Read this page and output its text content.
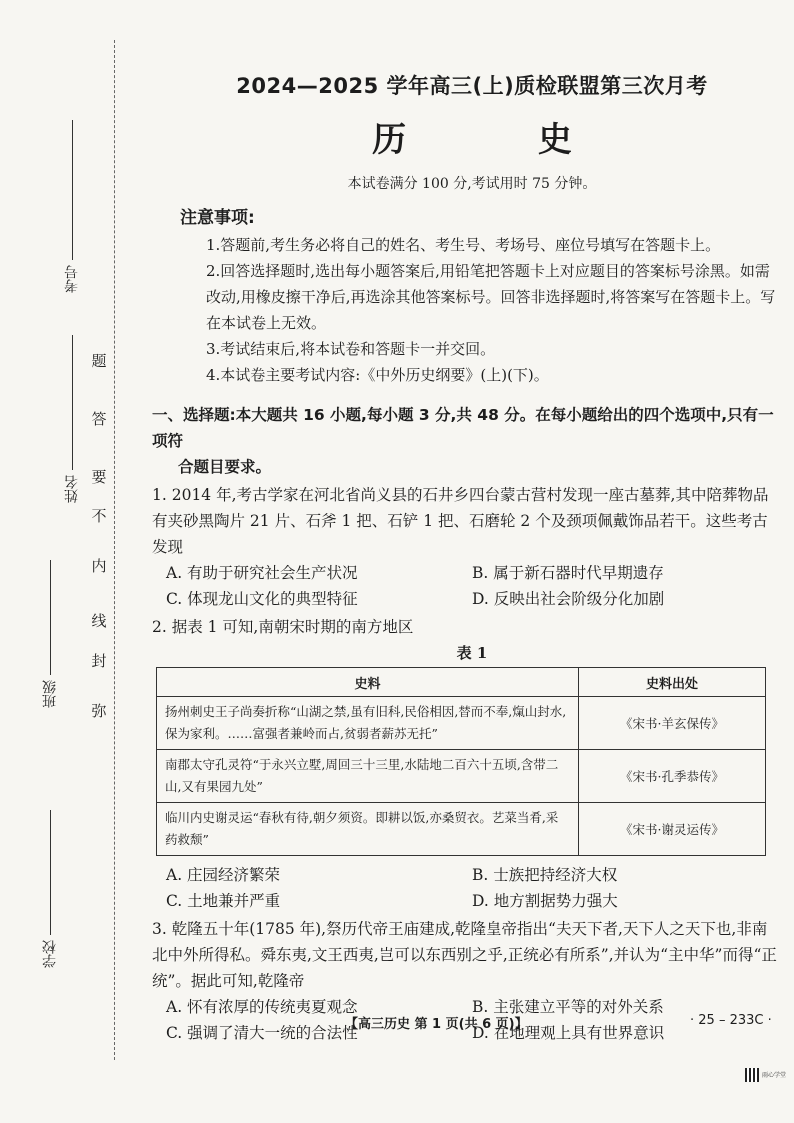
考号
姓名
班级
学校
题
答
要
不
内
线
封
弥
2024—2025 学年高三(上)质检联盟第三次月考
历 史
本试卷满分 100 分,考试用时 75 分钟。
注意事项:
1.答题前,考生务必将自己的姓名、考生号、考场号、座位号填写在答题卡上。
2.回答选择题时,选出每小题答案后,用铅笔把答题卡上对应题目的答案标号涂黑。如需改动,用橡皮擦干净后,再选涂其他答案标号。回答非选择题时,将答案写在答题卡上。写在本试卷上无效。
3.考试结束后,将本试卷和答题卡一并交回。
4.本试卷主要考试内容:《中外历史纲要》(上)(下)。
一、选择题:本大题共 16 小题,每小题 3 分,共 48 分。在每小题给出的四个选项中,只有一项符
合题目要求。
1. 2014 年,考古学家在河北省尚义县的石井乡四台蒙古营村发现一座古墓葬,其中陪葬物品有夹砂黑陶片 21 片、石斧 1 把、石铲 1 把、石磨轮 2 个及颈项佩戴饰品若干。这些考古发现
A. 有助于研究社会生产状况	B. 属于新石器时代早期遗存
C. 体现龙山文化的典型特征	D. 反映出社会阶级分化加剧
2. 据表 1 可知,南朝宋时期的南方地区
表 1
史料	史料出处
扬州刺史王子尚奏折称“山湖之禁,虽有旧科,民俗相因,替而不奉,熂山封水,保为家利。……富强者兼岭而占,贫弱者薪苏无托”	《宋书·羊玄保传》
南郡太守孔灵符“于永兴立墅,周回三十三里,水陆地二百六十五顷,含带二山,又有果园九处”	《宋书·孔季恭传》
临川内史谢灵运“春秋有待,朝夕须资。即耕以饭,亦桑贸衣。艺菜当肴,采药救颓”	《宋书·谢灵运传》
A. 庄园经济繁荣	B. 士族把持经济大权
C. 土地兼并严重	D. 地方割据势力强大
3. 乾隆五十年(1785 年),祭历代帝王庙建成,乾隆皇帝指出“夫天下者,天下人之天下也,非南北中外所得私。舜东夷,文王西夷,岂可以东西别之乎,正统必有所系”,并认为“主中华”而得“正统”。据此可知,乾隆帝
A. 怀有浓厚的传统夷夏观念	B. 主张建立平等的对外关系
C. 强调了清大一统的合法性	D. 在地理观上具有世界意识
【高三历史 第 1 页(共 6 页)】	· 25 – 233C ·
雨心学堂
